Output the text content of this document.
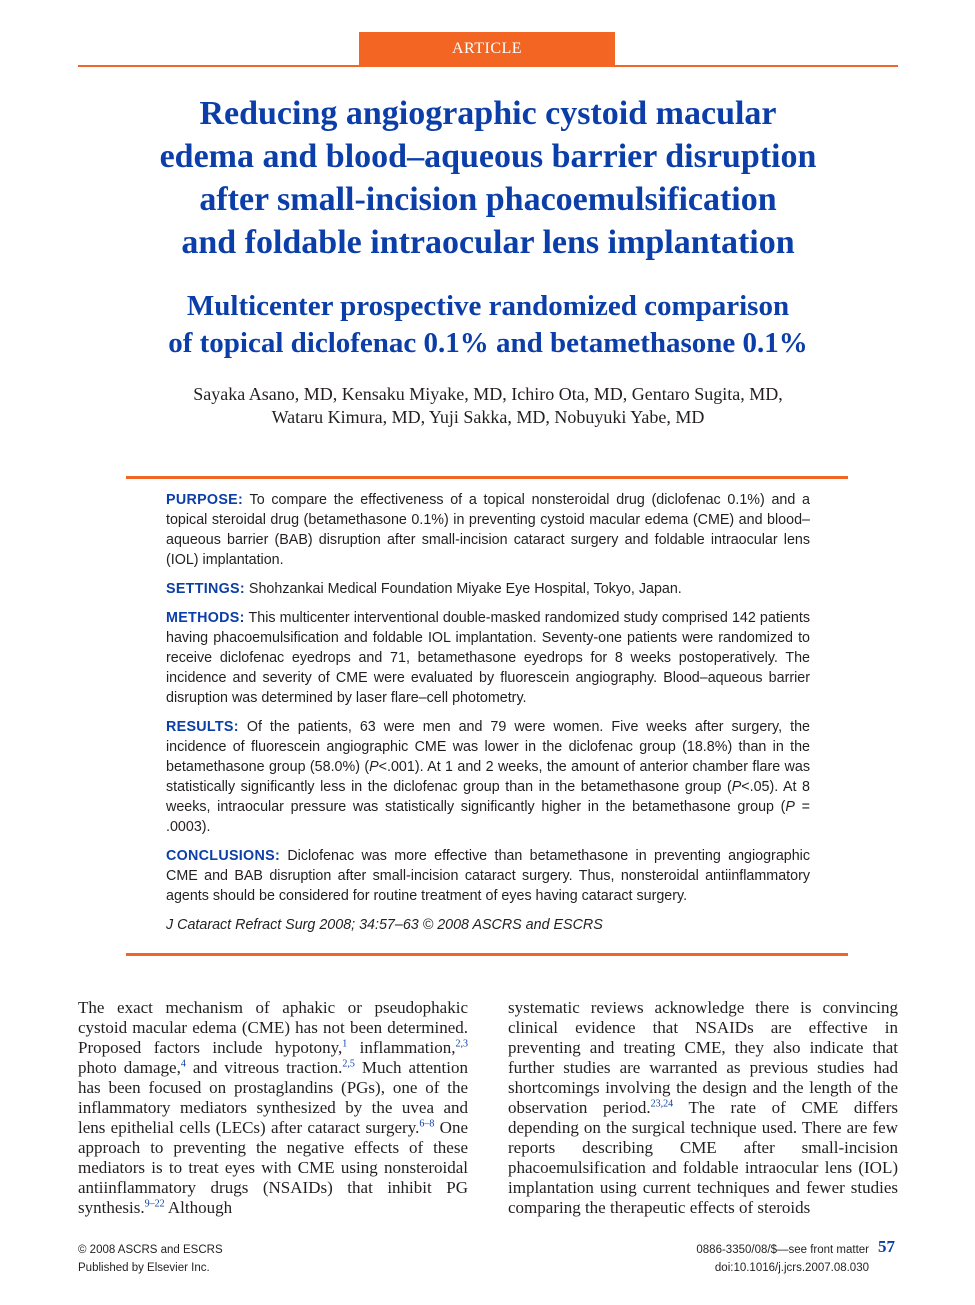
ARTICLE
Reducing angiographic cystoid macular
edema and blood–aqueous barrier disruption
after small-incision phacoemulsification
and foldable intraocular lens implantation
Multicenter prospective randomized comparison
of topical diclofenac 0.1% and betamethasone 0.1%
Sayaka Asano, MD, Kensaku Miyake, MD, Ichiro Ota, MD, Gentaro Sugita, MD,
Wataru Kimura, MD, Yuji Sakka, MD, Nobuyuki Yabe, MD

PURPOSE: To compare the effectiveness of a topical nonsteroidal drug (diclofenac 0.1%) and a topical steroidal drug (betamethasone 0.1%) in preventing cystoid macular edema (CME) and blood–aqueous barrier (BAB) disruption after small-incision cataract surgery and foldable intraocular lens (IOL) implantation.

SETTINGS: Shohzankai Medical Foundation Miyake Eye Hospital, Tokyo, Japan.

METHODS: This multicenter interventional double-masked randomized study comprised 142 patients having phacoemulsification and foldable IOL implantation. Seventy-one patients were randomized to receive diclofenac eyedrops and 71, betamethasone eyedrops for 8 weeks postoperatively. The incidence and severity of CME were evaluated by fluorescein angiography. Blood–aqueous barrier disruption was determined by laser flare–cell photometry.

RESULTS: Of the patients, 63 were men and 79 were women. Five weeks after surgery, the incidence of fluorescein angiographic CME was lower in the diclofenac group (18.8%) than in the betamethasone group (58.0%) (P<.001). At 1 and 2 weeks, the amount of anterior chamber flare was statistically significantly less in the diclofenac group than in the betamethasone group (P<.05). At 8 weeks, intraocular pressure was statistically significantly higher in the betamethasone group (P = .0003).

CONCLUSIONS: Diclofenac was more effective than betamethasone in preventing angiographic CME and BAB disruption after small-incision cataract surgery. Thus, nonsteroidal antiinflammatory agents should be considered for routine treatment of eyes having cataract surgery.

J Cataract Refract Surg 2008; 34:57–63 © 2008 ASCRS and ESCRS

The exact mechanism of aphakic or pseudophakic cystoid macular edema (CME) has not been determined. Proposed factors include hypotony,$^1$ inflammation,$^{2,3}$ photo damage,$^4$ and vitreous traction.$^{2,5}$ Much attention has been focused on prostaglandins (PGs), one of the inflammatory mediators synthesized by the uvea and lens epithelial cells (LECs) after cataract surgery.$^{6-8}$ One approach to preventing the negative effects of these mediators is to treat eyes with CME using nonsteroidal antiinflammatory drugs (NSAIDs) that inhibit PG synthesis.$^{9-22}$ Although

systematic reviews acknowledge there is convincing clinical evidence that NSAIDs are effective in preventing and treating CME, they also indicate that further studies are warranted as previous studies had shortcomings involving the design and the length of the observation period.$^{23,24}$ The rate of CME differs depending on the surgical technique used. There are few reports describing CME after small-incision phacoemulsification and foldable intraocular lens (IOL) implantation using current techniques and fewer studies comparing the therapeutic effects of steroids

© 2008 ASCRS and ESCRS
Published by Elsevier Inc.
0886-3350/08/$—see front matter
doi:10.1016/j.jcrs.2007.08.030
57
